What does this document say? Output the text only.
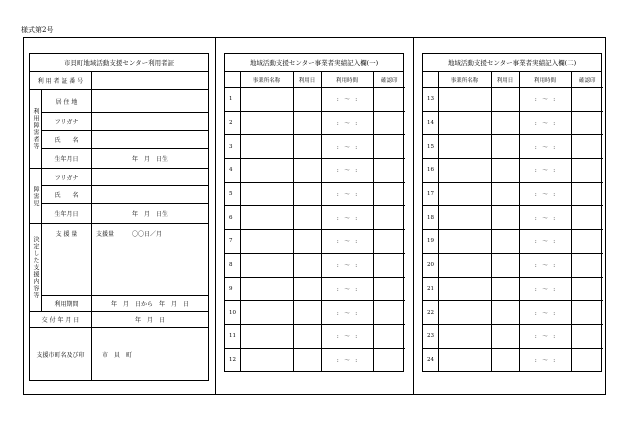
様式第2号
市貝町地域活動支援センター利用者証
利 用 者 証 番 号
利用障害者等
居 住 地
フリガナ
氏　　名
生年月日	年　月　日生
障害児
フリガナ
氏　　名
生年月日	年　月　日生
決定した支援内容等
支 援 量	支援量　　　〇〇日／月
利用期間	年　月　日から　年　月　日
交 付 年 月 日	年　月　日
支援市町名及び印	市　貝　町
地域活動支援センター事業者実績記入欄(一)
	事業所名称	利用日	利用時間	確認印
1			:　～　:	
2			:　～　:	
3			:　～　:	
4			:　～　:	
5			:　～　:	
6			:　～　:	
7			:　～　:	
8			:　～　:	
9			:　～　:	
10			:　～　:	
11			:　～　:	
12			:　～　:	
地域活動支援センター事業者実績記入欄(二)
	事業所名称	利用日	利用時間	確認印
13			:　～　:	
14			:　～　:	
15			:　～　:	
16			:　～　:	
17			:　～　:	
18			:　～　:	
19			:　～　:	
20			:　～　:	
21			:　～　:	
22			:　～　:	
23			:　～　:	
24			:　～　:	
